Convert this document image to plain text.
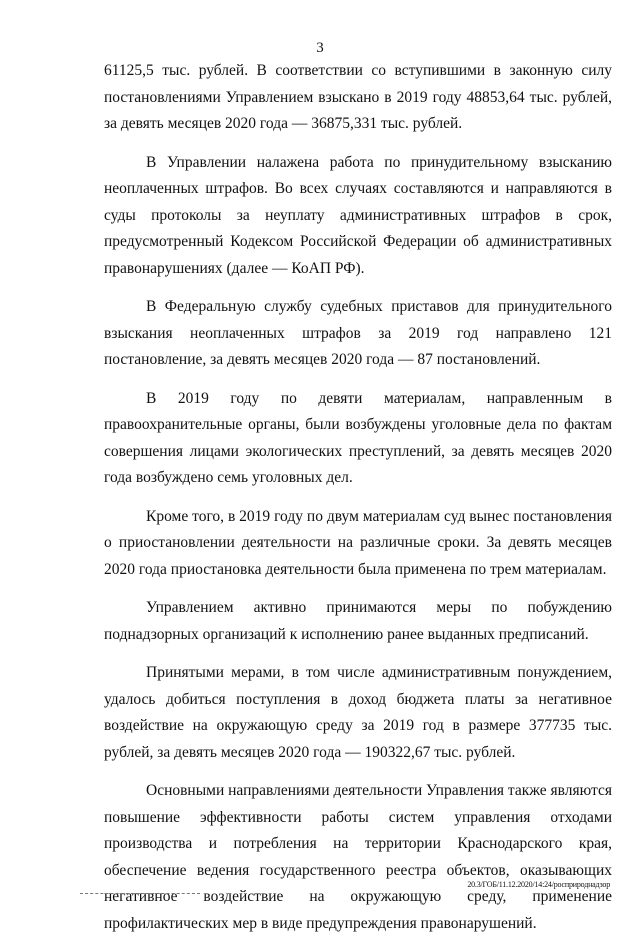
3

61125,5 тыс. рублей. В соответствии со вступившими в законную силу постановлениями Управлением взыскано в 2019 году 48853,64 тыс. рублей, за девять месяцев 2020 года — 36875,331 тыс. рублей.

В Управлении налажена работа по принудительному взысканию неоплаченных штрафов. Во всех случаях составляются и направляются в суды протоколы за неуплату административных штрафов в срок, предусмотренный Кодексом Российской Федерации об административных правонарушениях (далее — КоАП РФ).

В Федеральную службу судебных приставов для принудительного взыскания неоплаченных штрафов за 2019 год направлено 121 постановление, за девять месяцев 2020 года — 87 постановлений.

В 2019 году по девяти материалам, направленным в правоохранительные органы, были возбуждены уголовные дела по фактам совершения лицами экологических преступлений, за девять месяцев 2020 года возбуждено семь уголовных дел.

Кроме того, в 2019 году по двум материалам суд вынес постановления о приостановлении деятельности на различные сроки. За девять месяцев 2020 года приостановка деятельности была применена по трем материалам.

Управлением активно принимаются меры по побуждению поднадзорных организаций к исполнению ранее выданных предписаний.

Принятыми мерами, в том числе административным понуждением, удалось добиться поступления в доход бюджета платы за негативное воздействие на окружающую среду за 2019 год в размере 377735 тыс. рублей, за девять месяцев 2020 года — 190322,67 тыс. рублей.

Основными направлениями деятельности Управления также являются повышение эффективности работы систем управления отходами производства и потребления на территории Краснодарского края, обеспечение ведения государственного реестра объектов, оказывающих негативное воздействие на окружающую среду, применение профилактических мер в виде предупреждения правонарушений.

20.3/ГОБ/11.12.2020/14:24/росприроднадзор
